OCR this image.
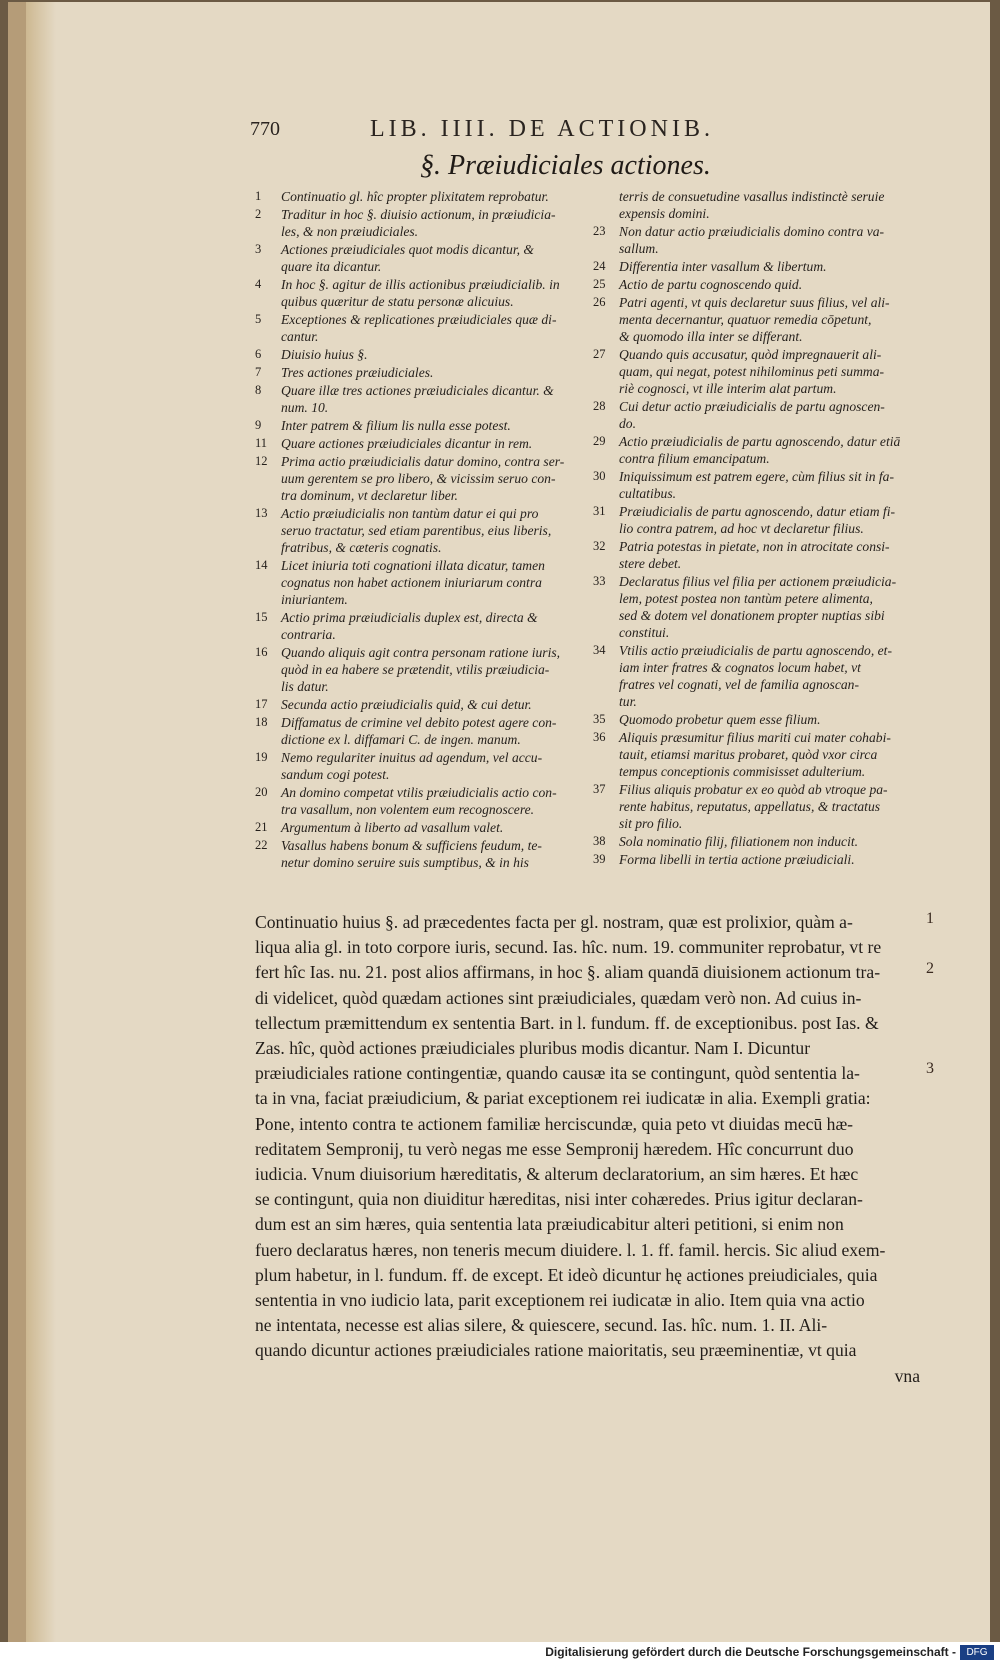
770	LIB. IIII. DE ACTIONIB.
§. Præiudiciales actiones.
1	Continuatio gl. hîc propter plixitatem reprobatur.
2	Traditur in hoc §. diuisio actionum, in præiudicia-
les, & non præiudiciales.
3	Actiones præiudiciales quot modis dicantur, &
quare ita dicantur.
4	In hoc §. agitur de illis actionibus præiudicialib. in
quibus quæritur de statu personæ alicuius.
5	Exceptiones & replicationes præiudiciales quæ di-
cantur.
6	Diuisio huius §.
7	Tres actiones præiudiciales.
8	Quare illæ tres actiones præiudiciales dicantur. &
num. 10.
9	Inter patrem & filium lis nulla esse potest.
11	Quare actiones præiudiciales dicantur in rem.
12 Prima actio præiudicialis datur domino, contra ser-
uum gerentem se pro libero, & vicissim seruo con-
tra dominum, vt declaretur liber.
13 Actio præiudicialis non tantùm datur ei qui pro
seruo tractatur, sed etiam parentibus, eius liberis,
fratribus, & cæteris cognatis.
14 Licet iniuria toti cognationi illata dicatur, tamen
cognatus non habet actionem iniuriarum contra
iniuriantem.
15 Actio prima præiudicialis duplex est, directa &
contraria.
16 Quando aliquis agit contra personam ratione iuris,
quòd in ea habere se prætendit, vtilis præiudicia-
lis datur.
17 Secunda actio præiudicialis quid, & cui detur.
18 Diffamatus de crimine vel debito potest agere con-
dictione ex l. diffamari C. de ingen. manum.
19 Nemo regulariter inuitus ad agendum, vel accu-
sandum cogi potest.
20 An domino competat vtilis præiudicialis actio con-
tra vasallum, non volentem eum recognoscere.
21 Argumentum à liberto ad vasallum valet.
22 Vasallus habens bonum & sufficiens feudum, te-
netur domino seruire suis sumptibus, & in his
terris de consuetudine vasallus indistinctè seruie
expensis domini.
23 Non datur actio præiudicialis domino contra va-
sallum.
24 Differentia inter vasallum & libertum.
25 Actio de partu cognoscendo quid.
26 Patri agenti, vt quis declaretur suus filius, vel ali-
menta decernantur, quatuor remedia cōpetunt,
& quomodo illa inter se differant.
27 Quando quis accusatur, quòd impregnauerit ali-
quam, qui negat, potest nihilominus peti summa-
riè cognosci, vt ille interim alat partum.
28 Cui detur actio præiudicialis de partu agnoscen-
do.
29 Actio præiudicialis de partu agnoscendo, datur etiā
contra filium emancipatum.
30 Iniquissimum est patrem egere, cùm filius sit in fa-
cultatibus.
31 Præiudicialis de partu agnoscendo, datur etiam fi-
lio contra patrem, ad hoc vt declaretur filius.
32 Patria potestas in pietate, non in atrocitate consi-
stere debet.
33 Declaratus filius vel filia per actionem præiudicia-
lem, potest postea non tantùm petere alimenta,
sed & dotem vel donationem propter nuptias sibi
constitui.
34 Vtilis actio præiudicialis de partu agnoscendo, et-
iam inter fratres & cognatos locum habet, vt
fratres vel cognati, vel de familia agnoscan-
tur.
35 Quomodo probetur quem esse filium.
36 Aliquis præsumitur filius mariti cui mater cohabi-
tauit, etiamsi maritus probaret, quòd vxor circa
tempus conceptionis commisisset adulterium.
37 Filius aliquis probatur ex eo quòd ab vtroque pa-
rente habitus, reputatus, appellatus, & tractatus
sit pro filio.
38 Sola nominatio filij, filiationem non inducit.
39 Forma libelli in tertia actione præiudiciali.
Continuatio huius §. ad præcedentes facta per gl. nostram, quæ est prolixior, quàm a-
liqua alia gl. in toto corpore iuris, secund. Ias. hîc. num. 19. communiter reprobatur, vt re
fert hîc Ias. nu. 21. post alios affirmans, in hoc §. aliam quandā diuisionem actionum tra-
di videlicet, quòd quædam actiones sint præiudiciales, quædam verò non. Ad cuius in-
tellectum præmittendum ex sententia Bart. in l. fundum. ff. de exceptionibus. post Ias. &
Zas. hîc, quòd actiones præiudiciales pluribus modis dicantur. Nam I. Dicuntur
præiudiciales ratione contingentiæ, quando causæ ita se contingunt, quòd sententia la-
ta in vna, faciat præiudicium, & pariat exceptionem rei iudicatæ in alia. Exempli gratia:
Pone, intento contra te actionem familiæ herciscundæ, quia peto vt diuidas mecū hæ-
reditatem Sempronij, tu verò negas me esse Sempronij hæredem. Hîc concurrunt duo
iudicia. Vnum diuisorium hæreditatis, & alterum declaratorium, an sim hæres. Et hæc
se contingunt, quia non diuiditur hæreditas, nisi inter cohæredes. Prius igitur declaran-
dum est an sim hæres, quia sententia lata præiudicabitur alteri petitioni, si enim non
fuero declaratus hæres, non teneris mecum diuidere. l. 1. ff. famil. hercis. Sic aliud exem-
plum habetur, in l. fundum. ff. de except. Et ideò dicuntur hę actiones preiudiciales, quia
sententia in vno iudicio lata, parit exceptionem rei iudicatæ in alio. Item quia vna actio
ne intentata, necesse est alias silere, & quiescere, secund. Ias. hîc. num. 1. II. Ali-
quando dicuntur actiones præiudiciales ratione maioritatis, seu præeminentiæ, vt quia
vna
1
2
3
Digitalisierung gefördert durch die Deutsche Forschungsgemeinschaft -	DFG
